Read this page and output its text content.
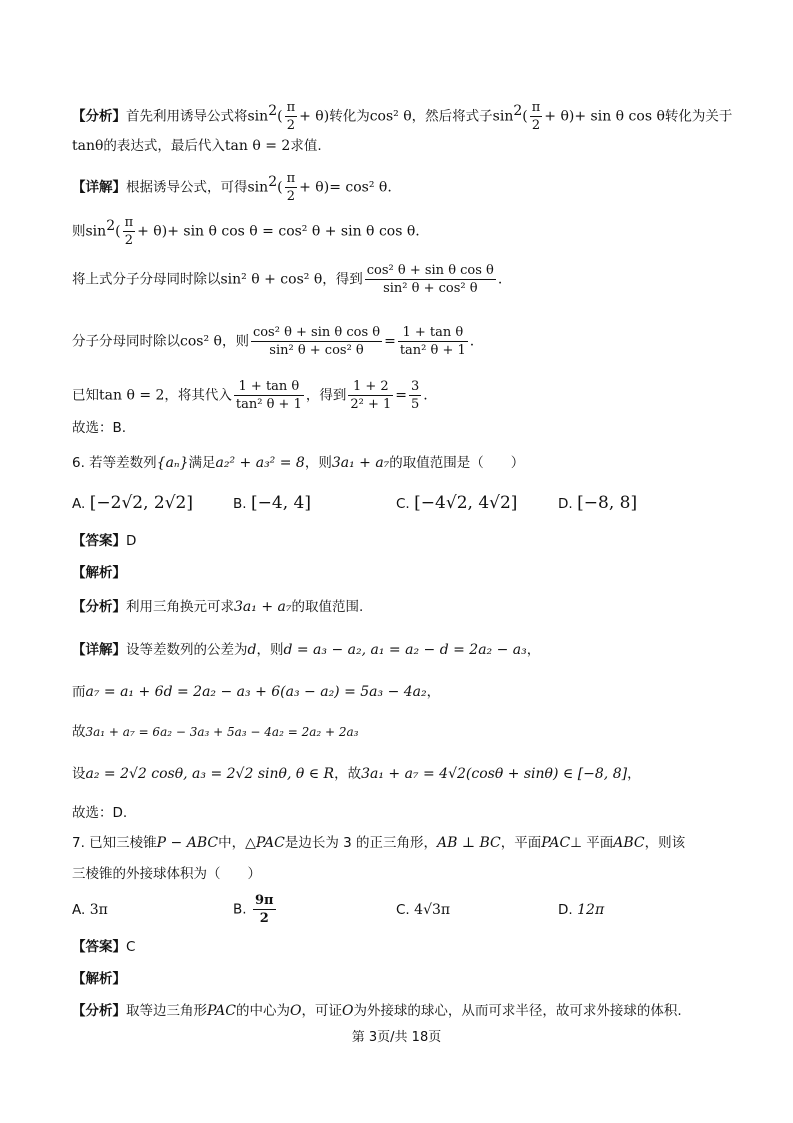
【分析】首先利用诱导公式将$\sin^2( \frac{\pi}{2} + \theta)$转化为cos² θ，然后将式子$\sin^2( \frac{\pi}{2} + \theta)+ \sin \theta$ cos θ转化为关于
tanθ的表达式，最后代入tan θ = 2求值.
【详解】根据诱导公式，可得$\sin^2( \frac{\pi}{2} + \theta)= \cos^2$ θ.
则$\sin^2( \frac{\pi}{2} + \theta)+ \sin \theta$ cos θ = cos² θ + sin θ cos θ.
将上式分子分母同时除以sin² θ + cos² θ，得到 $\frac{\text{cos² θ + sin θ cos θ}}{\text{sin² θ + cos² θ}}$ .
分子分母同时除以cos² θ，则 $\frac{\text{cos² θ + sin θ cos θ}}{\text{sin² θ + cos² θ}} = \frac{\text{1 + tan θ}}{\text{tan² θ + 1}}$ .
已知tan θ = 2，将其代入 $\frac{\text{1 + tan θ}}{\text{tan² θ + 1}}$ ，得到 $\frac{1 + 2}{\text{2² + 1}} = \frac{3}{5}$ .
故选：B.
6. 若等差数列{aₙ}满足a₂² + a₃² = 8，则3a₁ + a₇的取值范围是（　　）
A. [−2√2, 2√2]	B. [−4, 4]	C. [−4√2, 4√2]	D. [−8, 8]
【答案】D
【解析】
【分析】利用三角换元可求3a₁ + a₇的取值范围.
【详解】设等差数列的公差为d，则d = a₃ − a₂, a₁ = a₂ − d = 2a₂ − a₃，
而a₇ = a₁ + 6d = 2a₂ − a₃ + 6(a₃ − a₂) = 5a₃ − 4a₂，
故3a₁ + a₇ = 6a₂ − 3a₃ + 5a₃ − 4a₂ = 2a₂ + 2a₃
设a₂ = 2√2 cosθ, a₃ = 2√2 sinθ, θ ∈ R，故3a₁ + a₇ = 4√2(cosθ + sinθ) ∈ [−8, 8]，
故选：D.
7. 已知三棱锥P − ABC中，△PAC是边长为 3 的正三角形，AB ⊥ BC，平面PAC⊥ 平面ABC，则该
三棱锥的外接球体积为（　　）
A. 3π	B. $\frac{9\pi}{2}$	C. 4√3π	D. 12π
【答案】C
【解析】
【分析】取等边三角形PAC的中心为O，可证O为外接球的球心，从而可求半径，故可求外接球的体积.
第 3页/共 18页
